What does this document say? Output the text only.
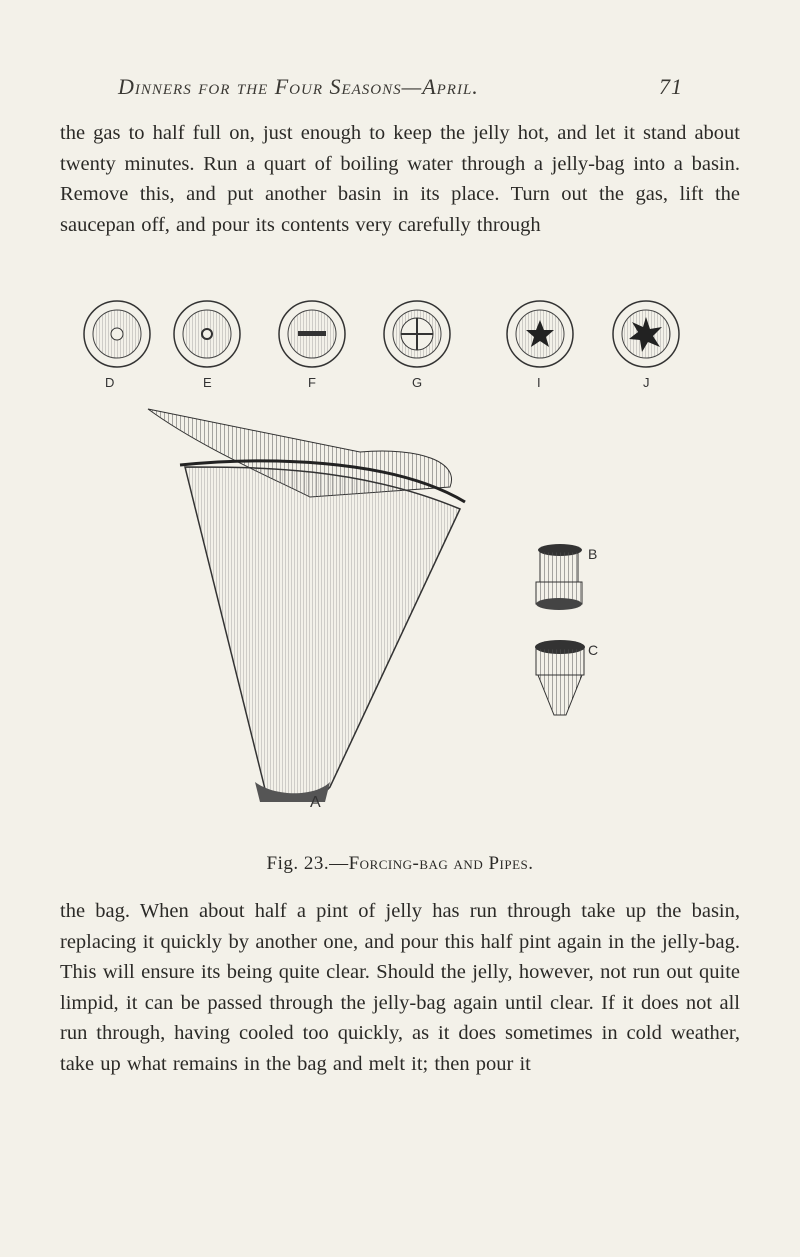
Dinners for the Four Seasons—April.	71
the gas to half full on, just enough to keep the jelly hot, and let it stand about twenty minutes. Run a quart of boiling water through a jelly-bag into a basin. Remove this, and put another basin in its place. Turn out the gas, lift the saucepan off, and pour its contents very carefully through
D	E	F	G	I	J
A
B
C
Fig. 23.—Forcing-bag and Pipes.
the bag. When about half a pint of jelly has run through take up the basin, replacing it quickly by another one, and pour this half pint again in the jelly-bag. This will ensure its being quite clear. Should the jelly, however, not run out quite limpid, it can be passed through the jelly-bag again until clear. If it does not all run through, having cooled too quickly, as it does sometimes in cold weather, take up what remains in the bag and melt it; then pour it
